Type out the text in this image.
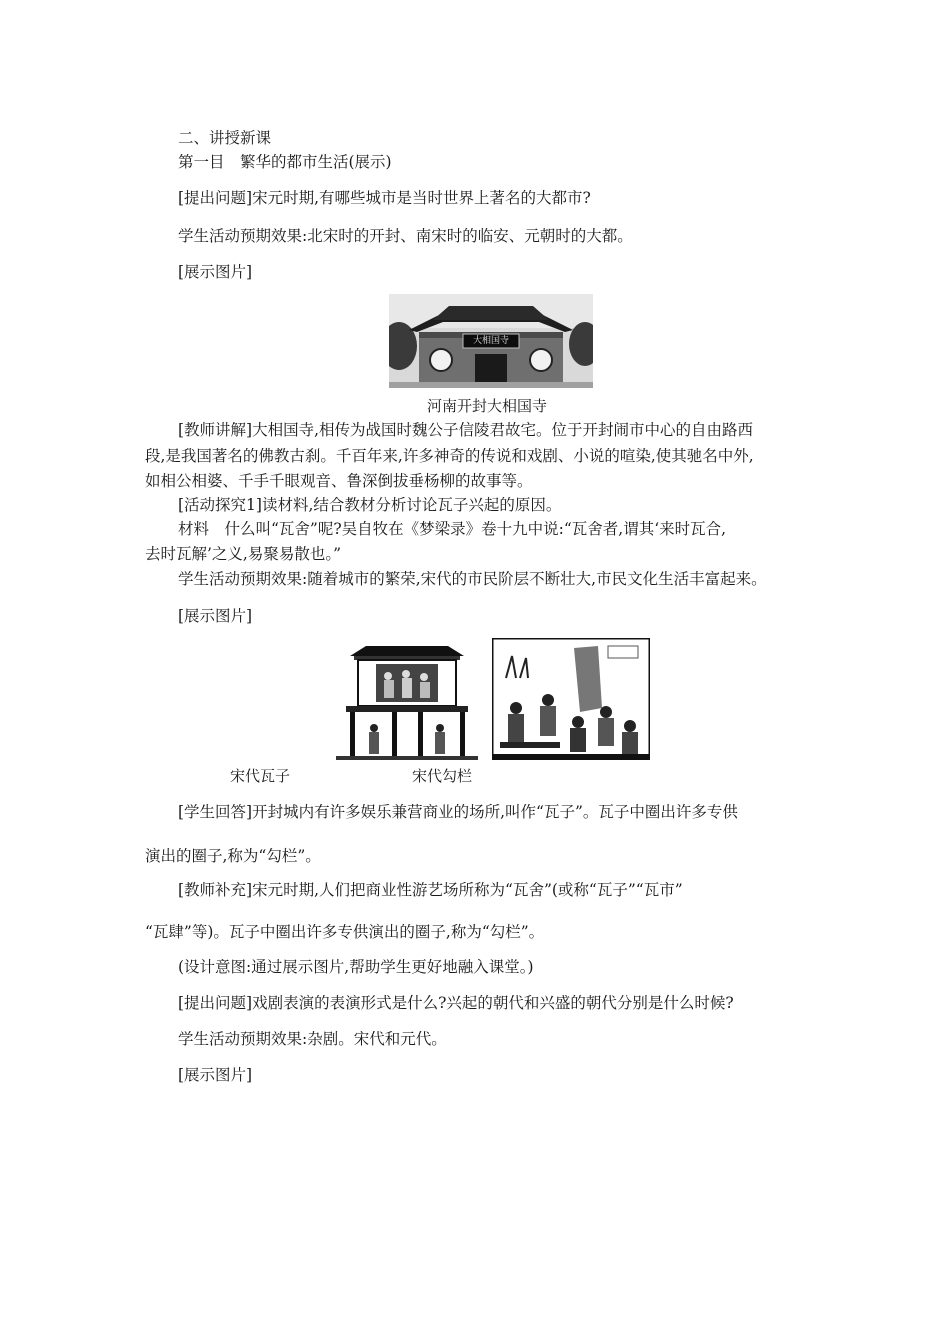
二、讲授新课
第一目　繁华的都市生活(展示)
[提出问题]宋元时期,有哪些城市是当时世界上著名的大都市?
学生活动预期效果:北宋时的开封、南宋时的临安、元朝时的大都。
[展示图片]
大相国寺
河南开封大相国寺
[教师讲解]大相国寺,相传为战国时魏公子信陵君故宅。位于开封闹市中心的自由路西
段,是我国著名的佛教古刹。千百年来,许多神奇的传说和戏剧、小说的喧染,使其驰名中外,
如相公相婆、千手千眼观音、鲁深倒拔垂杨柳的故事等。
[活动探究1]读材料,结合教材分析讨论瓦子兴起的原因。
材料　什么叫“瓦舍”呢?吴自牧在《梦梁录》卷十九中说:“瓦舍者,谓其‘来时瓦合,
去时瓦解’之义,易聚易散也。”
学生活动预期效果:随着城市的繁荣,宋代的市民阶层不断壮大,市民文化生活丰富起来。
[展示图片]
宋代瓦子	宋代勾栏
[学生回答]开封城内有许多娱乐兼营商业的场所,叫作“瓦子”。瓦子中圈出许多专供
演出的圈子,称为“勾栏”。
[教师补充]宋元时期,人们把商业性游艺场所称为“瓦舍”(或称“瓦子”“瓦市”
“瓦肆”等)。瓦子中圈出许多专供演出的圈子,称为“勾栏”。
(设计意图:通过展示图片,帮助学生更好地融入课堂。)
[提出问题]戏剧表演的表演形式是什么?兴起的朝代和兴盛的朝代分别是什么时候?
学生活动预期效果:杂剧。宋代和元代。
[展示图片]
